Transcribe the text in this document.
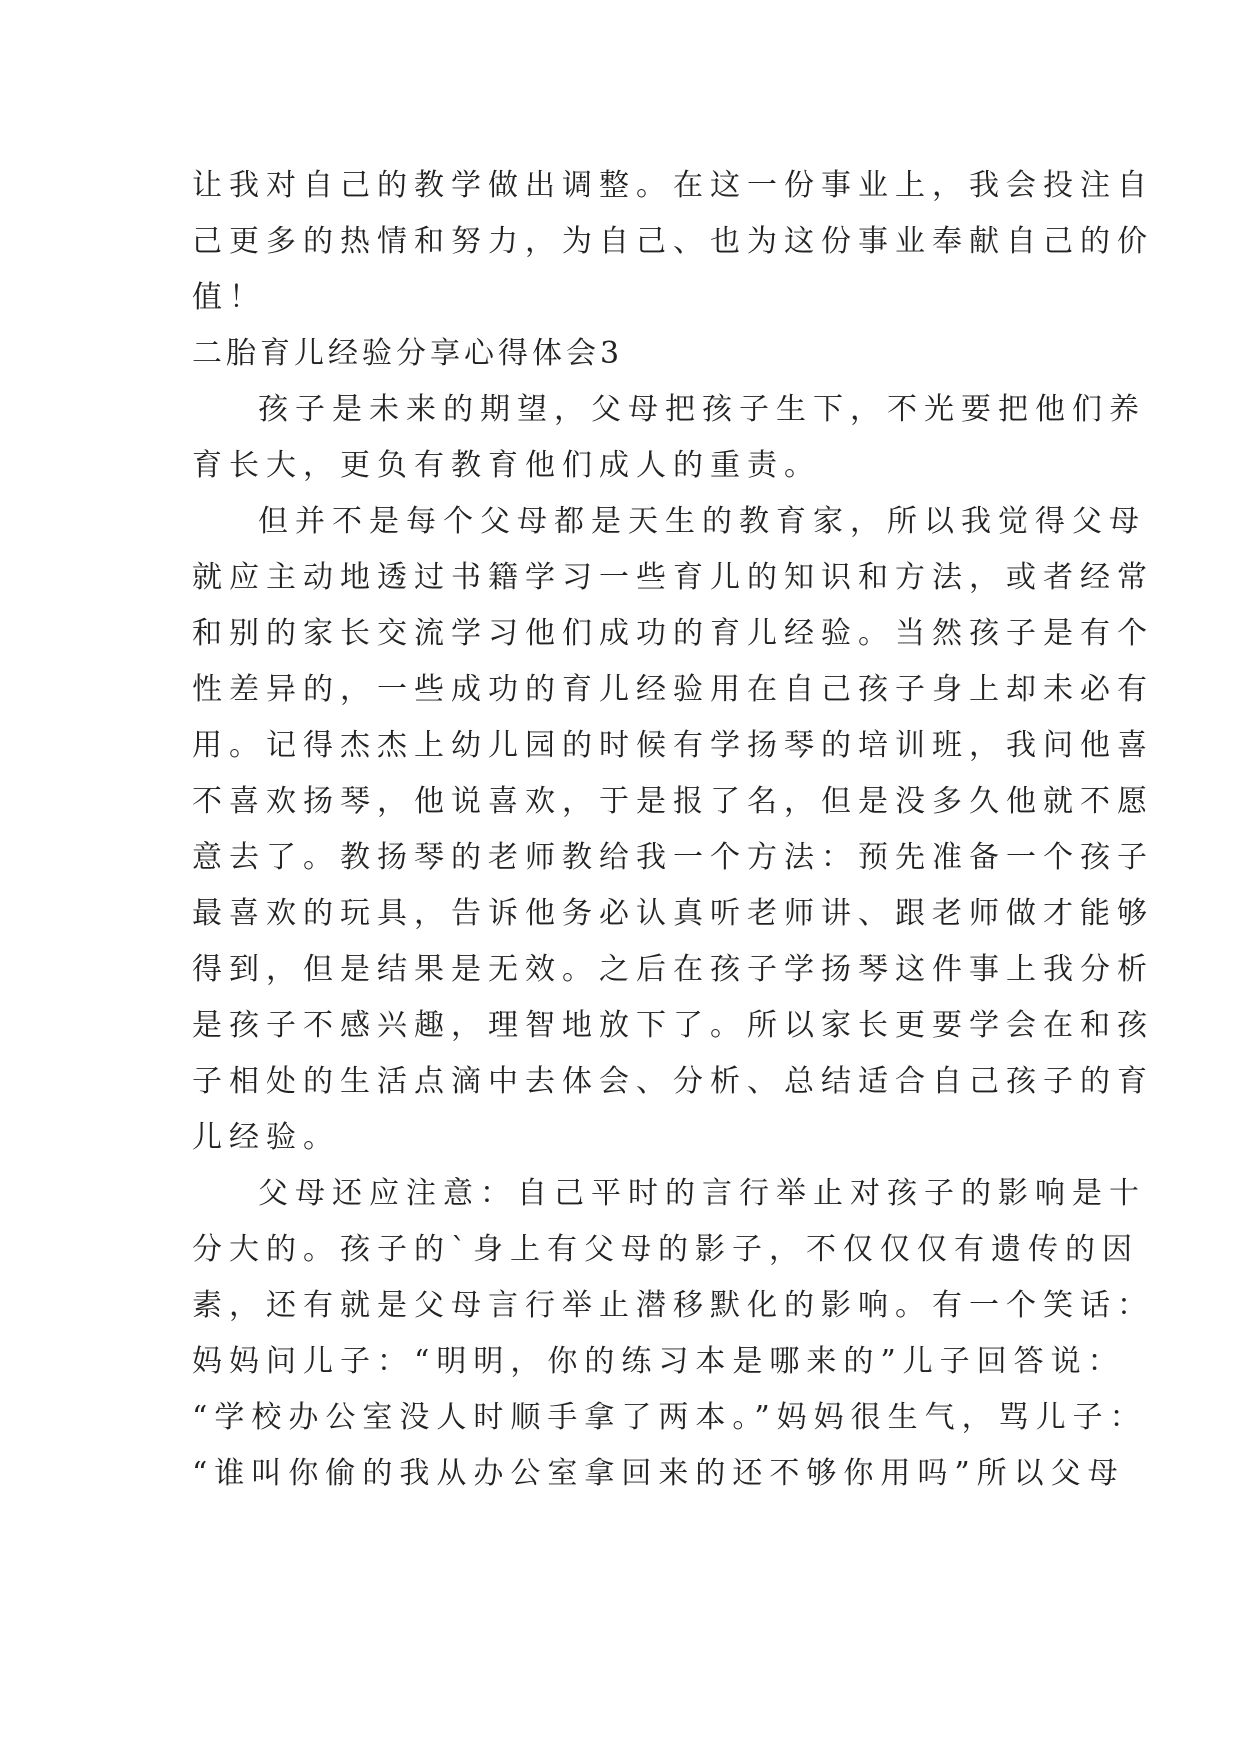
让我对自己的教学做出调整。在这一份事业上，我会投注自
己更多的热情和努力，为自己、也为这份事业奉献自己的价
值！
二胎育儿经验分享心得体会3
孩子是未来的期望，父母把孩子生下，不光要把他们养
育长大，更负有教育他们成人的重责。
但并不是每个父母都是天生的教育家，所以我觉得父母
就应主动地透过书籍学习一些育儿的知识和方法，或者经常
和别的家长交流学习他们成功的育儿经验。当然孩子是有个
性差异的，一些成功的育儿经验用在自己孩子身上却未必有
用。记得杰杰上幼儿园的时候有学扬琴的培训班，我问他喜
不喜欢扬琴，他说喜欢，于是报了名，但是没多久他就不愿
意去了。教扬琴的老师教给我一个方法：预先准备一个孩子
最喜欢的玩具，告诉他务必认真听老师讲、跟老师做才能够
得到，但是结果是无效。之后在孩子学扬琴这件事上我分析
是孩子不感兴趣，理智地放下了。所以家长更要学会在和孩
子相处的生活点滴中去体会、分析、总结适合自己孩子的育
儿经验。
父母还应注意：自己平时的言行举止对孩子的影响是十
分大的。孩子的`身上有父母的影子，不仅仅仅有遗传的因
素，还有就是父母言行举止潜移默化的影响。有一个笑话：
妈妈问儿子：“明明，你的练习本是哪来的”儿子回答说：
“学校办公室没人时顺手拿了两本。”妈妈很生气，骂儿子：
“谁叫你偷的我从办公室拿回来的还不够你用吗”所以父母
